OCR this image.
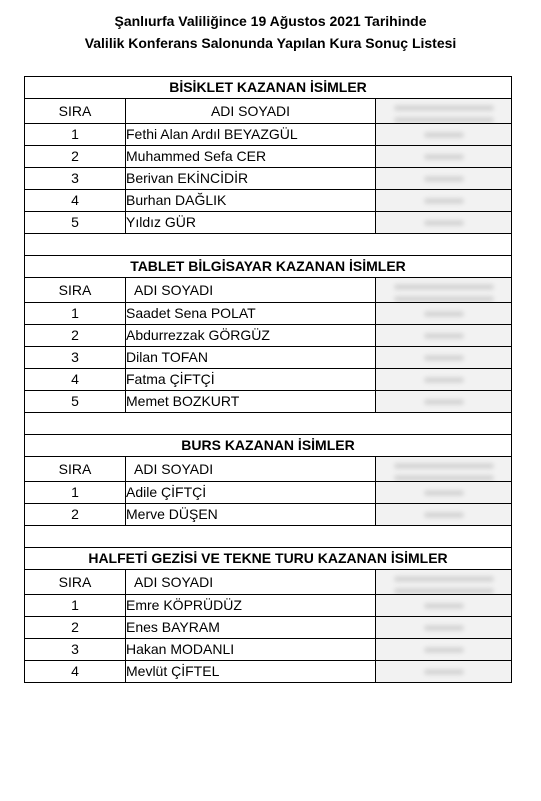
Şanlıurfa Valiliğince 19 Ağustos 2021 Tarihinde
Valilik Konferans Salonunda Yapılan Kura Sonuç Listesi
BİSİKLET KAZANAN İSİMLER		
SIRA	ADI SOYADI	

1	Fethi Alan Ardıl BEYAZGÜL	

2	Muhammed Sefa CER	

3	Berivan EKİNCİDİR	

4	Burhan DAĞLIK	

5	Yıldız GÜR	

TABLET BİLGİSAYAR KAZANAN İSİMLER		
SIRA	ADI SOYADI	

1	Saadet Sena POLAT	

2	Abdurrezzak GÖRGÜZ	

3	Dilan TOFAN	

4	Fatma ÇİFTÇİ	

5	Memet BOZKURT	

BURS KAZANAN İSİMLER		
SIRA	ADI SOYADI	

1	Adile ÇİFTÇİ	

2	Merve DÜŞEN	

HALFETİ GEZİSİ VE TEKNE TURU KAZANAN İSİMLER		
SIRA	ADI SOYADI	

1	Emre KÖPRÜDÜZ	

2	Enes BAYRAM	

3	Hakan MODANLI	

4	Mevlüt ÇİFTEL	
